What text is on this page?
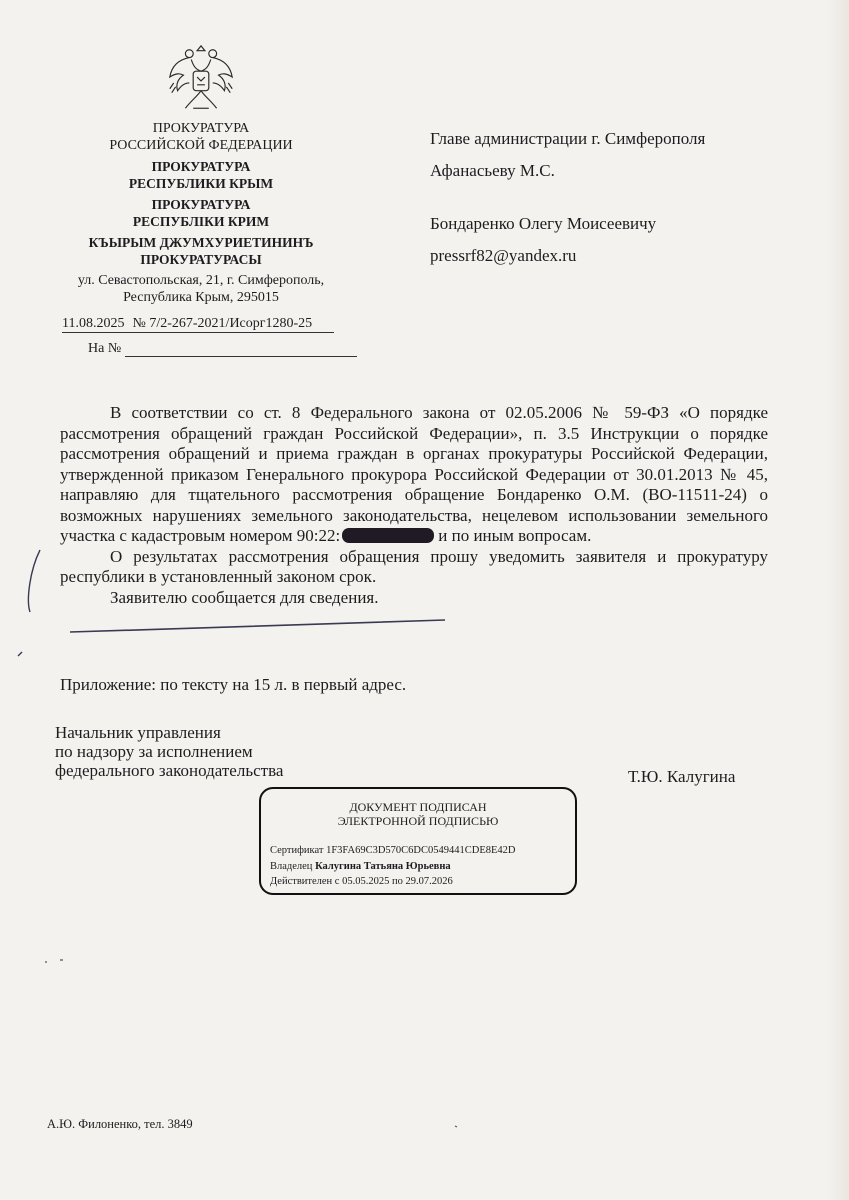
ПРОКУРАТУРА
РОССИЙСКОЙ ФЕДЕРАЦИИ
ПРОКУРАТУРА
РЕСПУБЛИКИ КРЫМ
ПРОКУРАТУРА
РЕСПУБЛIКИ КРИМ
КЪЫРЫМ ДЖУМХУРИЕТИНИНЪ
ПРОКУРАТУРАСЫ
ул. Севастопольская, 21, г. Симферополь,
Республика Крым, 295015
11.08.2025 № 7/2-267-2021/Исорг1280-25
На №
Главе администрации г. Симферополя
Афанасьеву М.С.
Бондаренко Олегу Моисеевичу
pressrf82@yandex.ru

В соответствии со ст. 8 Федерального закона от 02.05.2006 № 59-ФЗ «О порядке рассмотрения обращений граждан Российской Федерации», п. 3.5 Инструкции о порядке рассмотрения обращений и приема граждан в органах прокуратуры Российской Федерации, утвержденной приказом Генерального прокурора Российской Федерации от 30.01.2013 № 45, направляю для тщательного рассмотрения обращение Бондаренко О.М. (ВО-11511-24) о возможных нарушениях земельного законодательства, нецелевом использовании земельного участка с кадастровым номером 90:22:	и по иным вопросам.

О результатах рассмотрения обращения прошу уведомить заявителя и прокуратуру республики в установленный законом срок.

Заявителю сообщается для сведения.

Приложение: по тексту на 15 л. в первый адрес.
Начальник управления
по надзору за исполнением
федерального законодательства	Т.Ю. Калугина
ДОКУМЕНТ ПОДПИСАН
ЭЛЕКТРОННОЙ ПОДПИСЬЮ
Сертификат 1F3FA69C3D570C6DC0549441CDE8E42D
Владелец Калугина Татьяна Юрьевна
Действителен с 05.05.2025 по 29.07.2026
А.Ю. Филоненко, тел. 3849
